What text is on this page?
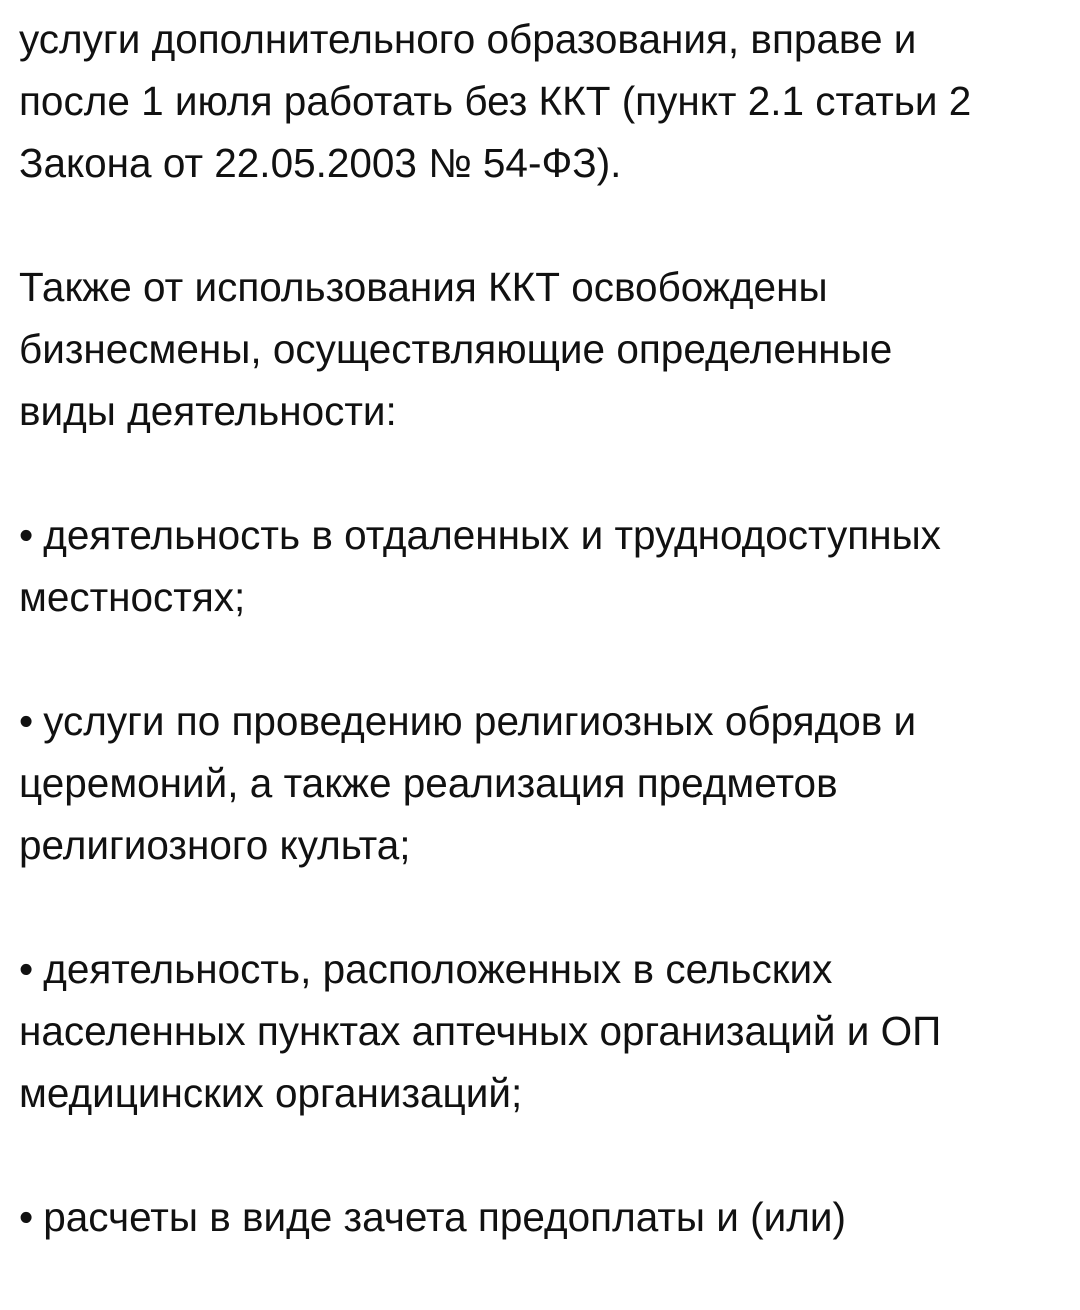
услуги дополнительного образования, вправе и
после 1 июля работать без ККТ (пункт 2.1 статьи 2
Закона от 22.05.2003 № 54-ФЗ).

Также от использования ККТ освобождены
бизнесмены, осуществляющие определенные
виды деятельности:

• деятельность в отдаленных и труднодоступных
местностях;

• услуги по проведению религиозных обрядов и
церемоний, а также реализация предметов
религиозного культа;

• деятельность, расположенных в сельских
населенных пунктах аптечных организаций и ОП
медицинских организаций;

• расчеты в виде зачета предоплаты и (или)
